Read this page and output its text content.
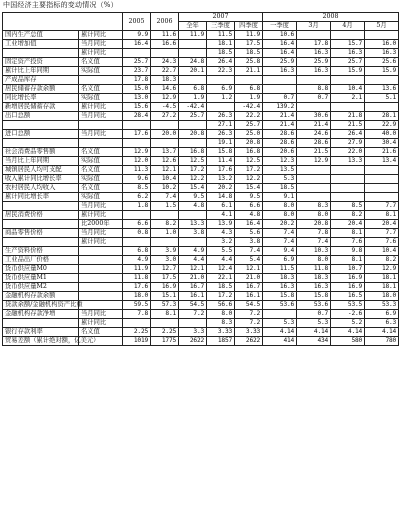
中国经济主要指标的变动情况（%）
		2005	2006	2007			2008			
				全年	三季度	四季度	一季度	3月	4月	5月
国内生产总值	累计同比	9.9	11.6	11.9	11.5	11.9	10.6			
工业增加值	当月同比	16.4	16.6		18.1	17.5	16.4	17.8	15.7	16.0
	累计同比				18.5	18.5	16.4	16.3	16.3	16.3
固定资产投资	名义值	25.7	24.3	24.8	26.4	25.8	25.9	25.9	25.7	25.6
累计比上年同期	实际值	23.7	22.7	20.1	22.3	21.1	16.3	16.3	15.9	15.9
产成品库存		17.8	18.3							
居民储蓄存款余额	名义值	15.0	14.6	6.8	6.9	6.8		8.8	10.4	13.6
同比增长率	实际值	13.0	12.9	1.9	1.2	1.9	0.7	0.7	2.1	5.1
新增居民储蓄存款	累计同比	15.6	-4.5	-42.4		-42.4	139.2			
出口总额	当月同比	28.4	27.2	25.7	26.3	22.2	21.4	30.6	21.8	28.1
					27.1	25.7	21.4	21.4	21.5	22.9
进口总额	当月同比	17.6	20.0	20.8	26.3	25.0	28.6	24.6	26.4	40.0
					19.1	20.8	28.6	28.6	27.9	30.4
社会消费品零售额	名义值	12.9	13.7	16.8	15.8	16.8	20.6	21.5	22.0	21.6
当月比上年同期	实际值	12.0	12.6	12.5	11.4	12.5	12.3	12.9	13.3	13.4
城镇居民人均可支配	名义值	11.3	12.1	17.2	17.6	17.2	13.5			
收入累计同比增长率	实际值	9.6	10.4	12.2	13.2	12.2	5.3			
农村居民人均收入	名义值	8.5	10.2	15.4	20.2	15.4	18.5			
累计同比增长率	实际值	6.2	7.4	9.5	14.8	9.5	9.1			
	当月同比	1.8	1.5	4.8	6.1	6.6	8.0	8.3	8.5	7.7
居民消费价格	累计同比				4.1	4.8	8.0	8.0	8.2	8.1
	比2000年	6.6	8.2	13.3	13.9	16.4	20.2	20.8	20.4	20.4
商品零售价格	当月同比	0.8	1.0	3.8	4.3	5.6	7.4	7.8	8.1	7.7
	累计同比				3.2	3.8	7.4	7.4	7.6	7.6
生产资料价格		6.8	3.9	4.9	5.5	7.4	9.4	10.3	9.8	10.4
工业品出厂价格		4.9	3.0	4.4	4.4	5.4	6.9	8.0	8.1	8.2
货币供应量M0		11.9	12.7	12.1	12.4	12.1	11.5	11.8	10.7	12.9
货币供应量M1		11.8	17.5	21.0	22.1	21.0	18.3	18.3	16.9	18.1
货币供应量M2		17.6	16.9	16.7	18.5	16.7	16.3	16.3	16.9	18.1
金融机构存款余额		18.0	15.1	16.1	17.2	16.1	15.8	15.8	16.5	18.0
贷款余额/金融机构资产比重		59.5	57.3	54.5	56.6	54.5	53.6	53.6	53.5	53.3
金融机构存款净增	当月同比	7.8	8.1	7.2	8.0	7.2		0.7	-2.6	6.9
	累计同比				8.3	7.2	5.3	5.3	5.2	6.3
银行存款利率	名义值	2.25	2.25	3.3	3.33	3.33	4.14	4.14	4.14	4.14
贸易差额（累计绝对额，亿美元）		1019	1775	2622	1857	2622	414	434	580	780
